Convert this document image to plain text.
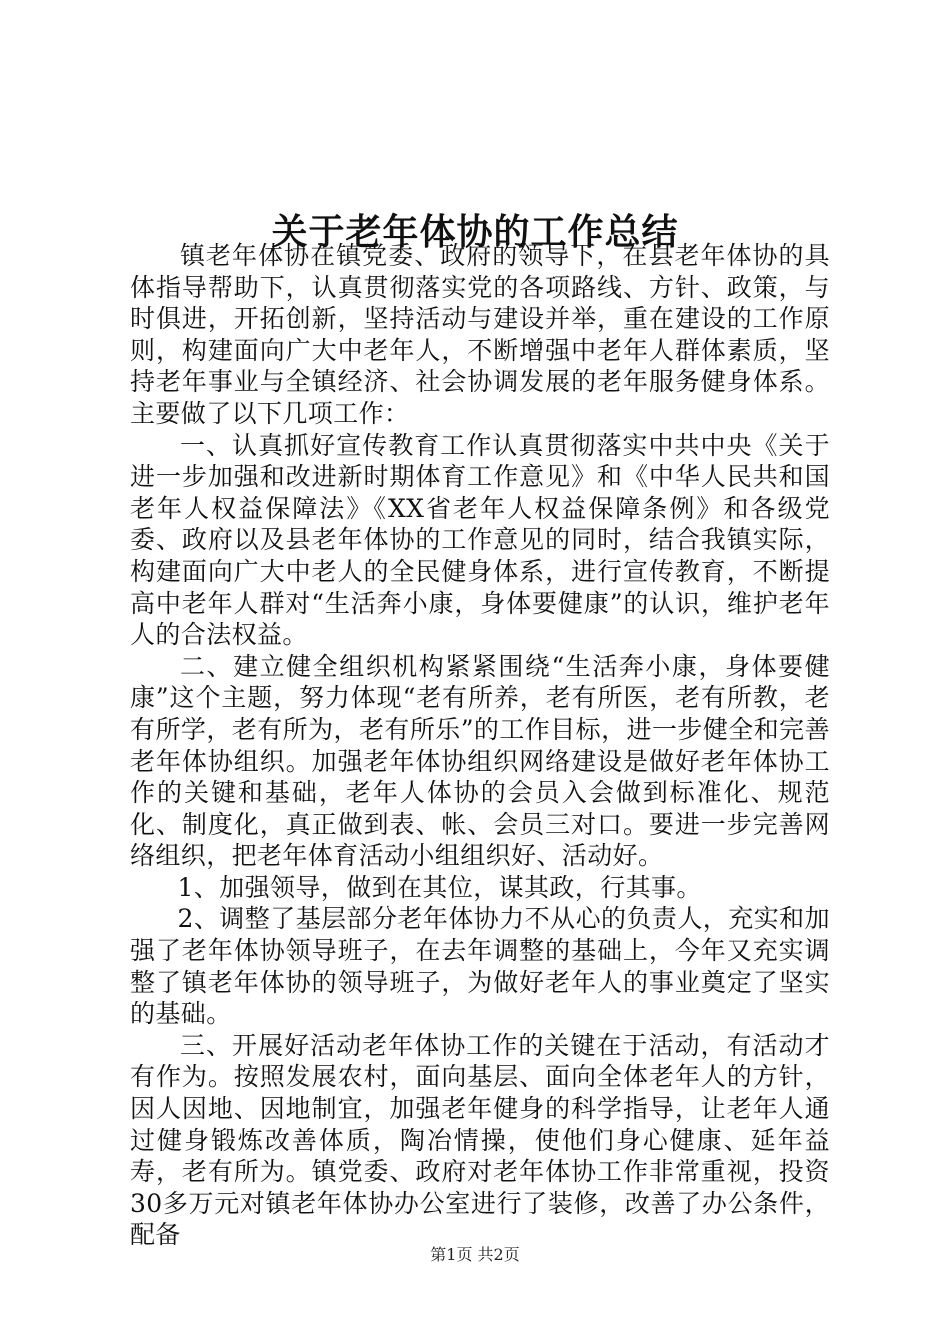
关于老年体协的工作总结

镇老年体协在镇党委、政府的领导下，在县老年体协的具体指导帮助下，认真贯彻落实党的各项路线、方针、政策，与时俱进，开拓创新，坚持活动与建设并举，重在建设的工作原则，构建面向广大中老年人，不断增强中老年人群体素质，坚持老年事业与全镇经济、社会协调发展的老年服务健身体系。主要做了以下几项工作：

一、认真抓好宣传教育工作认真贯彻落实中共中央《关于进一步加强和改进新时期体育工作意见》和《中华人民共和国老年人权益保障法》《XX省老年人权益保障条例》和各级党委、政府以及县老年体协的工作意见的同时，结合我镇实际，构建面向广大中老人的全民健身体系，进行宣传教育，不断提高中老年人群对“生活奔小康，身体要健康”的认识，维护老年人的合法权益。

二、建立健全组织机构紧紧围绕“生活奔小康，身体要健康”这个主题，努力体现“老有所养，老有所医，老有所教，老有所学，老有所为，老有所乐”的工作目标，进一步健全和完善老年体协组织。加强老年体协组织网络建设是做好老年体协工作的关键和基础，老年人体协的会员入会做到标准化、规范化、制度化，真正做到表、帐、会员三对口。要进一步完善网络组织，把老年体育活动小组组织好、活动好。

1、加强领导，做到在其位，谋其政，行其事。

2、调整了基层部分老年体协力不从心的负责人，充实和加强了老年体协领导班子，在去年调整的基础上，今年又充实调整了镇老年体协的领导班子，为做好老年人的事业奠定了坚实的基础。

三、开展好活动老年体协工作的关键在于活动，有活动才有作为。按照发展农村，面向基层、面向全体老年人的方针，因人因地、因地制宜，加强老年健身的科学指导，让老年人通过健身锻炼改善体质，陶冶情操，使他们身心健康、延年益寿，老有所为。镇党委、政府对老年体协工作非常重视，投资30多万元对镇老年体协办公室进行了装修，改善了办公条件，配备

第1页 共2页
